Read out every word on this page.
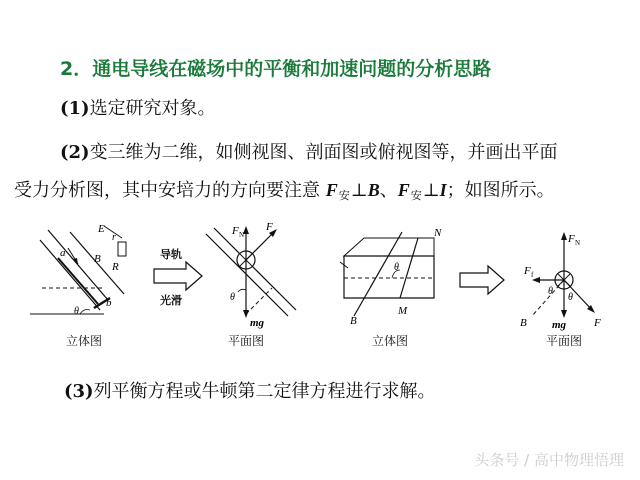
2．通电导线在磁场中的平衡和加速问题的分析思路
(1)选定研究对象。
(2)变三维为二维，如侧视图、剖面图或俯视图等，并画出平面
受力分析图，其中安培力的方向要注意 F安⊥B、F安⊥I；如图所示。
E
r
a	B
R
b
θ
立体图
导轨
光滑
F N
F
θ
mg
平面图
N
θ
B
M
立体图
F N
F f
θ
θ
B mg	F
平面图
(3)列平衡方程或牛顿第二定律方程进行求解。
头条号 / 高中物理悟理
